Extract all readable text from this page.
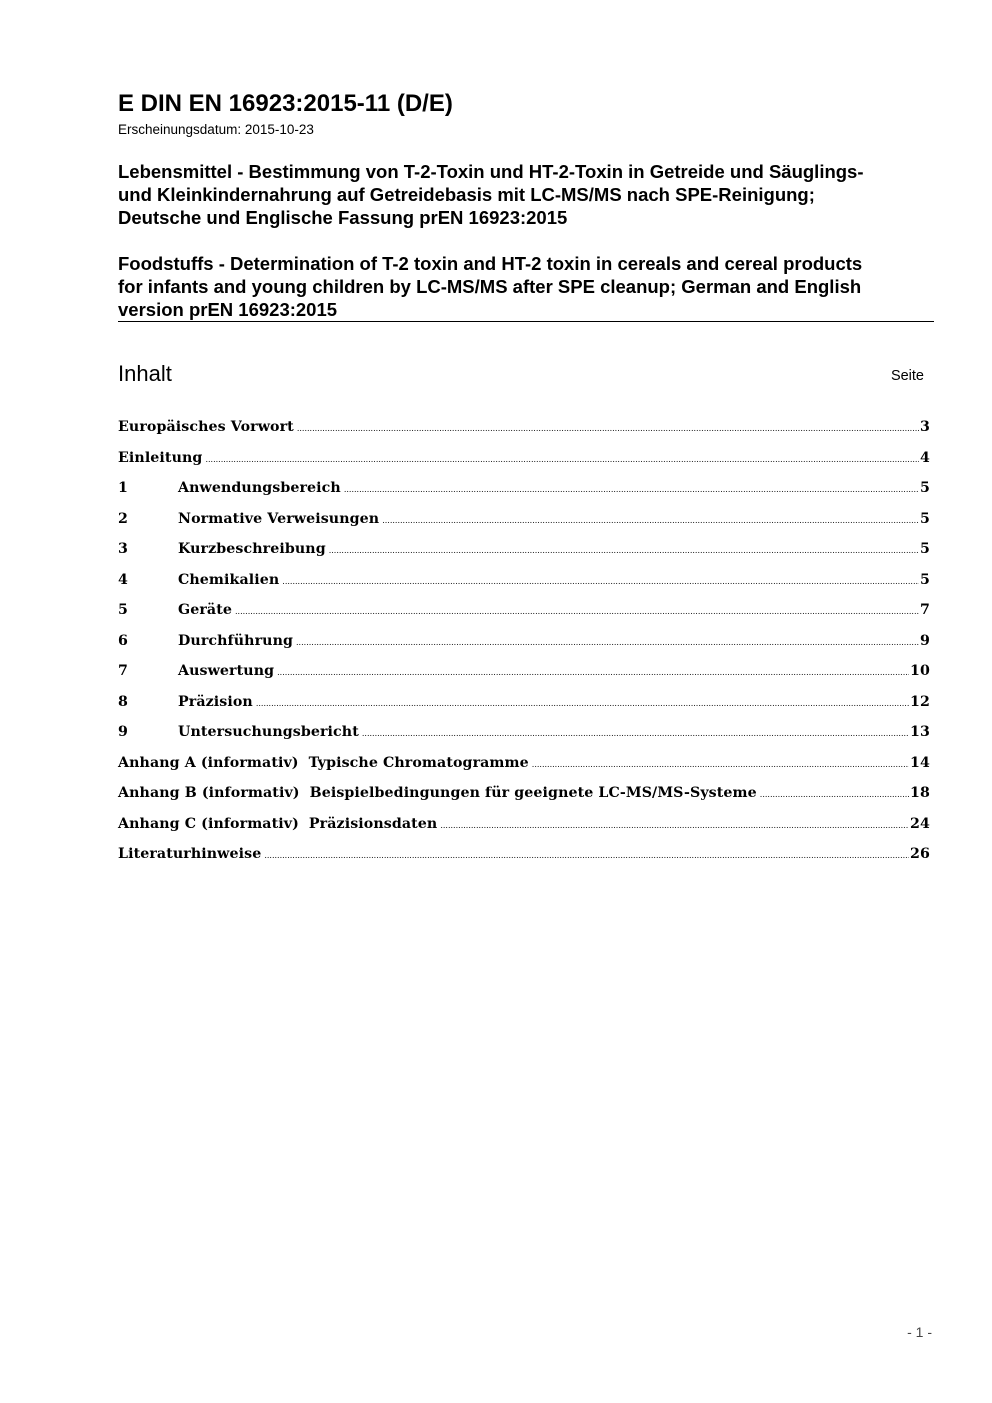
E DIN EN 16923:2015-11 (D/E)
Erscheinungsdatum: 2015-10-23
Lebensmittel - Bestimmung von T-2-Toxin und HT-2-Toxin in Getreide und Säuglings-
und Kleinkindernahrung auf Getreidebasis mit LC-MS/MS nach SPE-Reinigung;
Deutsche und Englische Fassung prEN 16923:2015
Foodstuffs - Determination of T-2 toxin and HT-2 toxin in cereals and cereal products
for infants and young children by LC-MS/MS after SPE cleanup; German and English
version prEN 16923:2015
Inhalt	Seite
Europäisches Vorwort .....	3
Einleitung .....	4
1	Anwendungsbereich .....	5
2	Normative Verweisungen .....	5
3	Kurzbeschreibung .....	5
4	Chemikalien .....	5
5	Geräte .....	7
6	Durchführung .....	9
7	Auswertung .....	10
8	Präzision .....	12
9	Untersuchungsbericht .....	13
Anhang A (informativ) Typische Chromatogramme .....	14
Anhang B (informativ) Beispielbedingungen für geeignete LC-MS/MS-Systeme .....	18
Anhang C (informativ) Präzisionsdaten .....	24
Literaturhinweise .....	26
- 1 -
